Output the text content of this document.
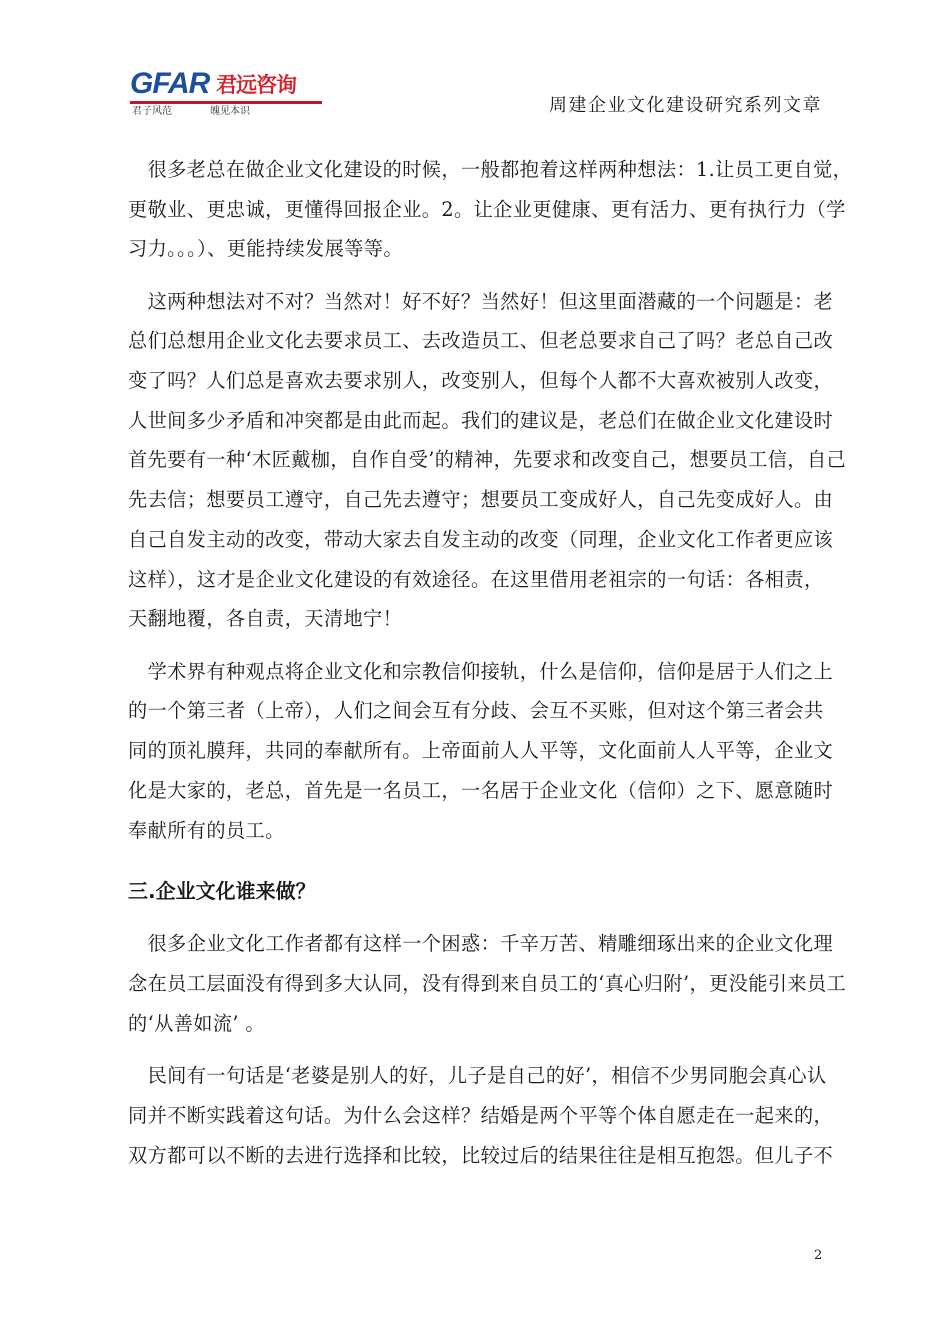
GFAR 君远咨询
君子风范	魄见本识	周建企业文化建设研究系列文章
　很多老总在做企业文化建设的时候，一般都抱着这样两种想法：1.让员工更自觉，
更敬业、更忠诚，更懂得回报企业。2。让企业更健康、更有活力、更有执行力（学
习力。。。）、更能持续发展等等。
　这两种想法对不对？当然对！好不好？当然好！但这里面潜藏的一个问题是：老
总们总想用企业文化去要求员工、去改造员工、但老总要求自己了吗？老总自己改
变了吗？人们总是喜欢去要求别人，改变别人，但每个人都不大喜欢被别人改变，
人世间多少矛盾和冲突都是由此而起。我们的建议是，老总们在做企业文化建设时
首先要有一种‘木匠戴枷，自作自受’的精神，先要求和改变自己，想要员工信，自己
先去信；想要员工遵守，自己先去遵守；想要员工变成好人，自己先变成好人。由
自己自发主动的改变，带动大家去自发主动的改变（同理，企业文化工作者更应该
这样），这才是企业文化建设的有效途径。在这里借用老祖宗的一句话：各相责，
天翻地覆，各自责，天清地宁！
　学术界有种观点将企业文化和宗教信仰接轨，什么是信仰，信仰是居于人们之上
的一个第三者（上帝），人们之间会互有分歧、会互不买账，但对这个第三者会共
同的顶礼膜拜，共同的奉献所有。上帝面前人人平等，文化面前人人平等，企业文
化是大家的，老总，首先是一名员工，一名居于企业文化（信仰）之下、愿意随时
奉献所有的员工。
　很多企业文化工作者都有这样一个困惑：千辛万苦、精雕细琢出来的企业文化理
念在员工层面没有得到多大认同，没有得到来自员工的‘真心归附’，更没能引来员工
的‘从善如流’ 。
　民间有一句话是‘老婆是别人的好，儿子是自己的好’，相信不少男同胞会真心认
同并不断实践着这句话。为什么会这样？结婚是两个平等个体自愿走在一起来的，
双方都可以不断的去进行选择和比较，比较过后的结果往往是相互抱怨。但儿子不
三.企业文化谁来做？
2
